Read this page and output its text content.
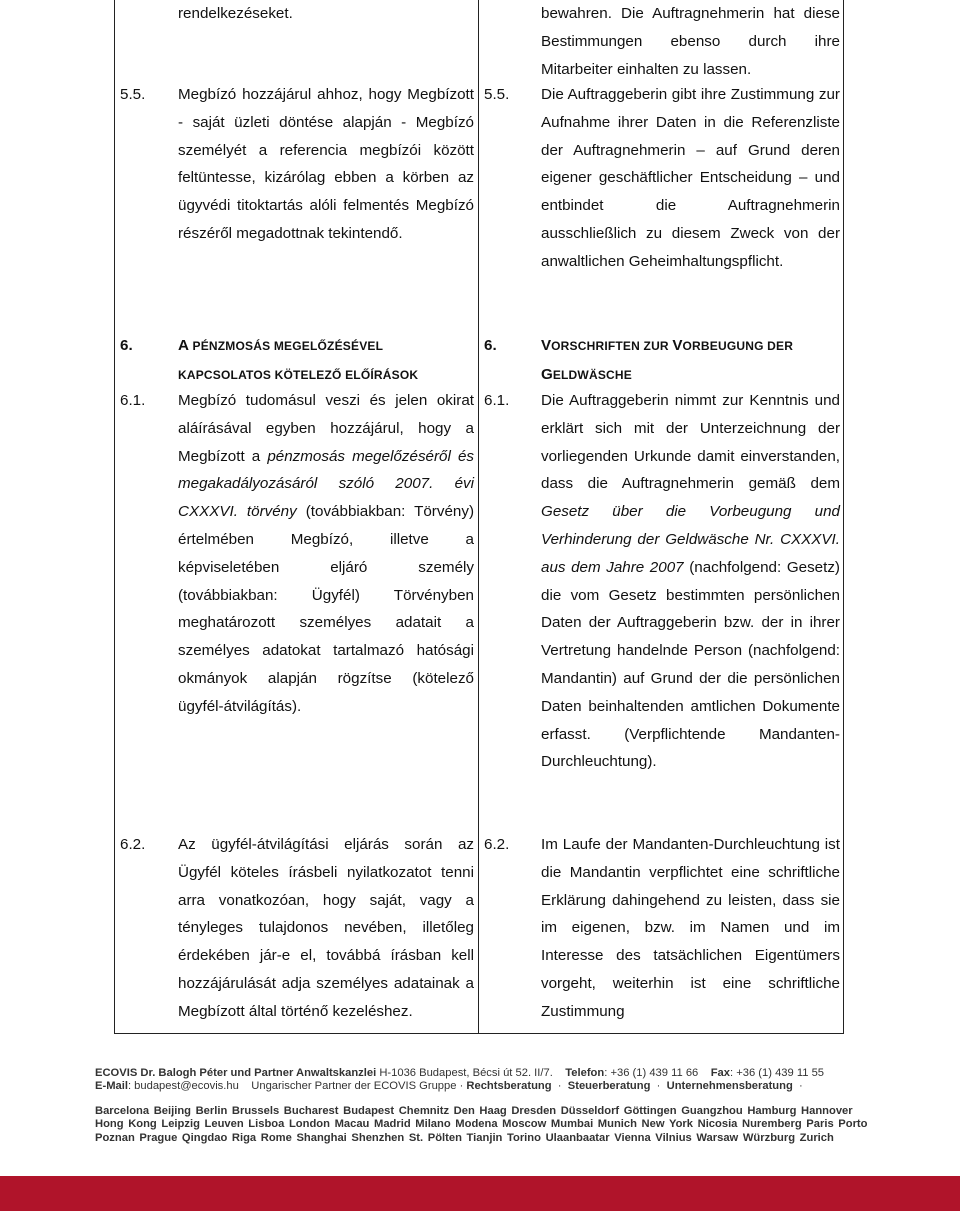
rendelkezéseket.

5.5. Megbízó hozzájárul ahhoz, hogy Megbízott - saját üzleti döntése alapján - Megbízó személyét a referencia megbízói között feltüntesse, kizárólag ebben a körben az ügyvédi titoktartás alóli felmentés Megbízó részéről megadottnak tekintendő.

6.	A PÉNZMOSÁS MEGELŐZÉSÉVEL
KAPCSOLATOS KÖTELEZŐ ELŐÍRÁSOK

6.1. Megbízó tudomásul veszi és jelen okirat aláírásával egyben hozzájárul, hogy a Megbízott a pénzmosás megelőzéséről és megakadályozásáról szóló 2007. évi CXXXVI. törvény (továbbiakban: Törvény) értelmében Megbízó, illetve a képviseletében eljáró személy (továbbiakban: Ügyfél) Törvényben meghatározott személyes adatait a személyes adatokat tartalmazó hatósági okmányok alapján rögzítse (kötelező ügyfél-átvilágítás).

6.2. Az ügyfél-átvilágítási eljárás során az Ügyfél köteles írásbeli nyilatkozatot tenni arra vonatkozóan, hogy saját, vagy a tényleges tulajdonos nevében, illetőleg érdekében jár-e el, továbbá írásban kell hozzájárulását adja személyes adatainak a Megbízott által történő kezeléshez.

bewahren. Die Auftragnehmerin hat diese Bestimmungen ebenso durch ihre Mitarbeiter einhalten zu lassen.

5.5. Die Auftraggeberin gibt ihre Zustimmung zur Aufnahme ihrer Daten in die Referenzliste der Auftragnehmerin – auf Grund deren eigener geschäftlicher Entscheidung – und entbindet die Auftragnehmerin ausschließlich zu diesem Zweck von der anwaltlichen Geheimhaltungspflicht.

6.	VORSCHRIFTEN ZUR VORBEUGUNG DER
GELDWÄSCHE

6.1. Die Auftraggeberin nimmt zur Kenntnis und erklärt sich mit der Unterzeichnung der vorliegenden Urkunde damit einverstanden, dass die Auftragnehmerin gemäß dem Gesetz über die Vorbeugung und Verhinderung der Geldwäsche Nr. CXXXVI. aus dem Jahre 2007 (nachfolgend: Gesetz) die vom Gesetz bestimmten persönlichen Daten der Auftraggeberin bzw. der in ihrer Vertretung handelnde Person (nachfolgend: Mandantin) auf Grund der die persönlichen Daten beinhaltenden amtlichen Dokumente erfasst. (Verpflichtende Mandanten-Durchleuchtung).

6.2. Im Laufe der Mandanten-Durchleuchtung ist die Mandantin verpflichtet eine schriftliche Erklärung dahingehend zu leisten, dass sie im eigenen, bzw. im Namen und im Interesse des tatsächlichen Eigentümers vorgeht, weiterhin ist eine schriftliche Zustimmung

ECOVIS Dr. Balogh Péter und Partner Anwaltskanzlei H-1036 Budapest, Bécsi út 52. II/7. Telefon: +36 (1) 439 11 66 Fax: +36 (1) 439 11 55
E-Mail: budapest@ecovis.hu Ungarischer Partner der ECOVIS Gruppe · Rechtsberatung · Steuerberatung · Unternehmensberatung ·
Barcelona Beijing Berlin Brussels Bucharest Budapest Chemnitz Den Haag Dresden Düsseldorf Göttingen Guangzhou Hamburg Hannover Hong Kong Leipzig Leuven Lisboa London Macau Madrid Milano Modena Moscow Mumbai Munich New York Nicosia Nuremberg Paris Porto Poznan Prague Qingdao Riga Rome Shanghai Shenzhen St. Pölten Tianjin Torino Ulaanbaatar Vienna Vilnius Warsaw Würzburg Zurich
